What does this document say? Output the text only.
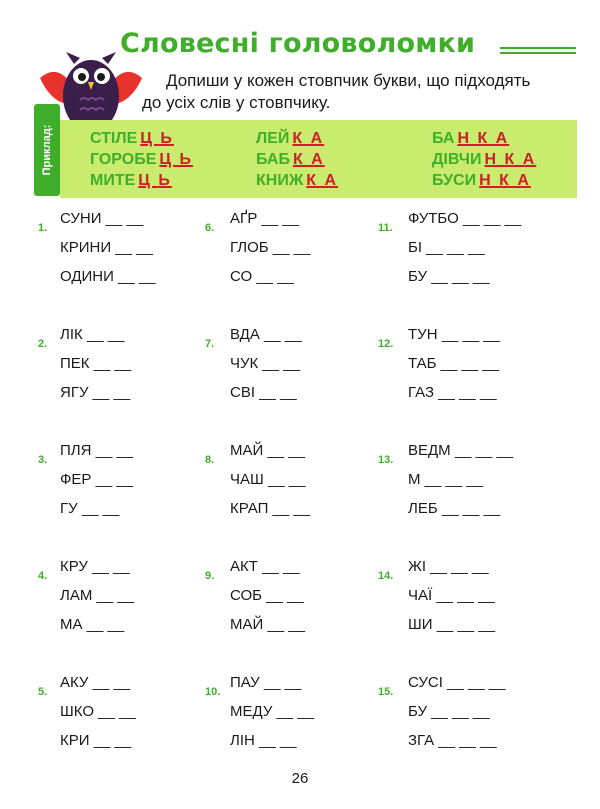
Словесні головоломки
Допиши у кожен стовпчик букви, що підходять
до усіх слів у стовпчику.
Приклад: СТІЛЕ Ц Ь
ГОРОБЕ Ц Ь
МИТЕ Ц Ь
ЛЕЙ К А
БАБ К А
КНИЖ К А
БА Н К А
ДІВЧИ Н К А
БУСИ Н К А
1.
СУНИ __ __
КРИНИ __ __
ОДИНИ __ __
2.
ЛІК __ __
ПЕК __ __
ЯГУ __ __
3.
ПЛЯ __ __
ФЕР __ __
ГУ __ __
4.
КРУ __ __
ЛАМ __ __
МА __ __
5.
АКУ __ __
ШКО __ __
КРИ __ __
6.
АҐР __ __
ГЛОБ __ __
СО __ __
7.
ВДА __ __
ЧУК __ __
СВІ __ __
8.
МАЙ __ __
ЧАШ __ __
КРАП __ __
9.
АКТ __ __
СОБ __ __
МАЙ __ __
10.
ПАУ __ __
МЕДУ __ __
ЛІН __ __
11.
ФУТБО __ __ __
БІ __ __ __
БУ __ __ __
12.
ТУН __ __ __
ТАБ __ __ __
ГАЗ __ __ __
13.
ВЕДМ __ __ __
М __ __ __
ЛЕБ __ __ __
14.
ЖІ __ __ __
ЧАЇ __ __ __
ШИ __ __ __
15.
СУСІ __ __ __
БУ __ __ __
ЗГА __ __ __
26
